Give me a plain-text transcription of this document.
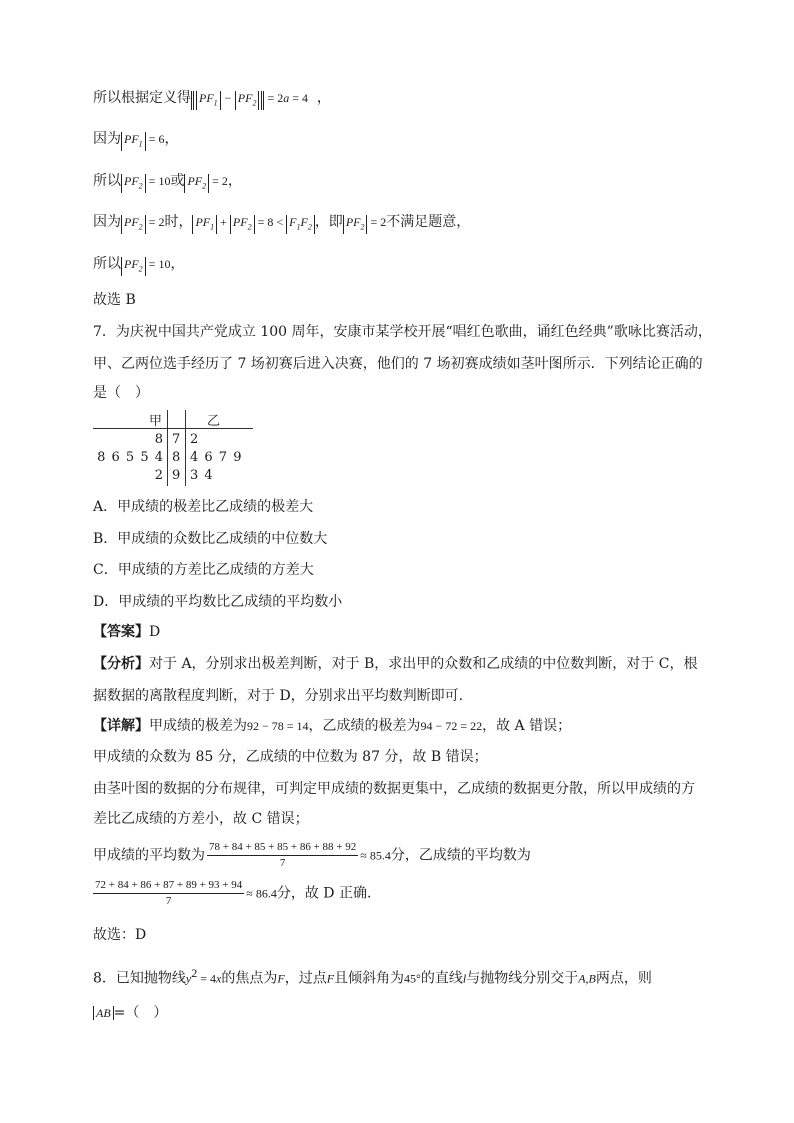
所以根据定义得 $PF_1 - PF_2 = 2a = 4$ ，
因为 $PF_1 = 6$，
所以 $PF_2 = 10$或 $PF_2 = 2$，
因为 $PF_2 = 2$时， $PF_1 + PF_2 = 8 < F_1F_2$ ，即 $PF_2 = 2$不满足题意，
所以 $PF_2 = 10$，
故选 B
7．为庆祝中国共产党成立 100 周年，安康市某学校开展“唱红色歌曲，诵红色经典”歌咏比赛活动，
甲、乙两位选手经历了 7 场初赛后进入决赛，他们的 7 场初赛成绩如茎叶图所示．下列结论正确的
是（　）
甲	乙
8 7 2
8 6 5 5 4 8 4 6 7 9
2 9 3 4
A．甲成绩的极差比乙成绩的极差大
B．甲成绩的众数比乙成绩的中位数大
C．甲成绩的方差比乙成绩的方差大
D．甲成绩的平均数比乙成绩的平均数小
【答案】D
【分析】对于 A，分别求出极差判断，对于 B，求出甲的众数和乙成绩的中位数判断，对于 C，根
据数据的离散程度判断，对于 D，分别求出平均数判断即可.
【详解】甲成绩的极差为92 − 78 = 14，乙成绩的极差为94 − 72 = 22，故 A 错误；
甲成绩的众数为 85 分，乙成绩的中位数为 87 分，故 B 错误；
由茎叶图的数据的分布规律，可判定甲成绩的数据更集中，乙成绩的数据更分散，所以甲成绩的方
差比乙成绩的方差小，故 C 错误；
甲成绩的平均数为 $\frac{78 + 84 + 85 + 85 + 86 + 88 + 92}{7} \approx 85.4$分，乙成绩的平均数为
$\frac{72 + 84 + 86 + 87 + 89 + 93 + 94}{7} \approx 86.4$分，故 D 正确.
故选：D
8．已知抛物线$y^2 = 4x$的焦点为F，过点F且倾斜角为45°的直线l与抛物线分别交于A,B两点，则
AB =（　）
